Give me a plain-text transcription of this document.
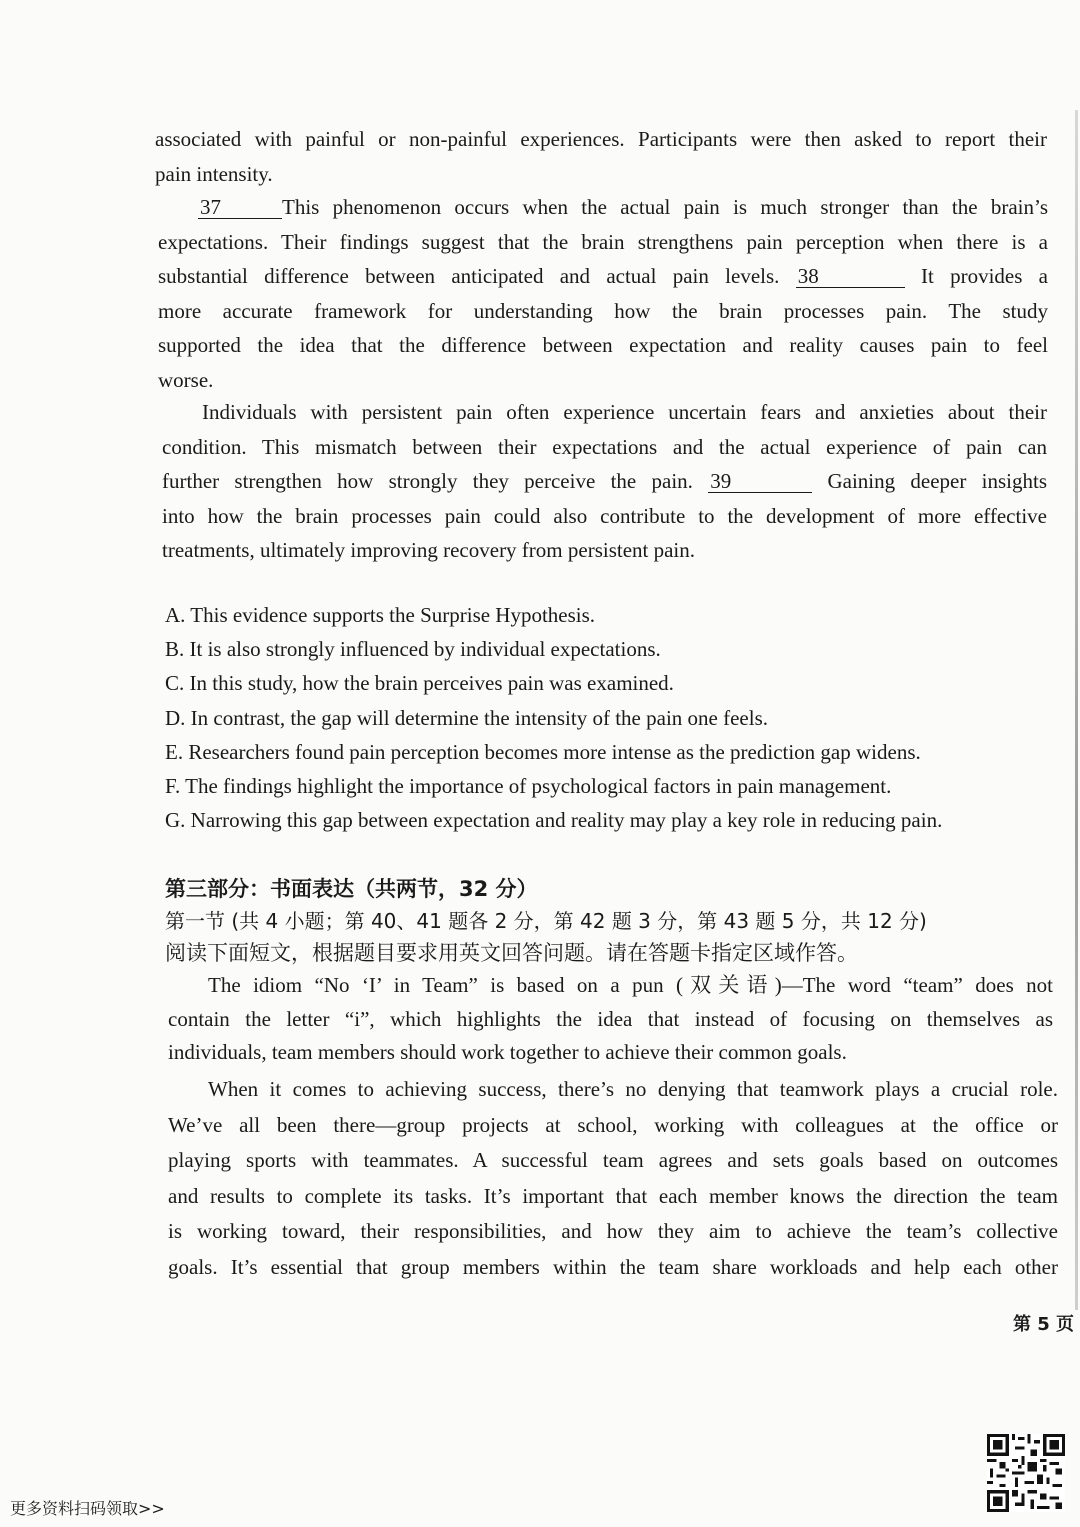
associated with painful or non-painful experiences. Participants were then asked to report their
pain intensity.
37	This phenomenon occurs when the actual pain is much stronger than the brain’s
expectations. Their findings suggest that the brain strengthens pain perception when there is a
substantial difference between anticipated and actual pain levels. 38	It provides a
more accurate framework for understanding how the brain processes pain. The study
supported the idea that the difference between expectation and reality causes pain to feel
worse.
Individuals with persistent pain often experience uncertain fears and anxieties about their
condition. This mismatch between their expectations and the actual experience of pain can
further strengthen how strongly they perceive the pain. 39	Gaining deeper insights
into how the brain processes pain could also contribute to the development of more effective
treatments, ultimately improving recovery from persistent pain.
A. This evidence supports the Surprise Hypothesis.
B. It is also strongly influenced by individual expectations.
C. In this study, how the brain perceives pain was examined.
D. In contrast, the gap will determine the intensity of the pain one feels.
E. Researchers found pain perception becomes more intense as the prediction gap widens.
F. The findings highlight the importance of psychological factors in pain management.
G. Narrowing this gap between expectation and reality may play a key role in reducing pain.
第三部分：书面表达（共两节，32 分）
第一节 (共 4 小题；第 40、41 题各 2 分，第 42 题 3 分，第 43 题 5 分，共 12 分)
阅读下面短文，根据题目要求用英文回答问题。请在答题卡指定区域作答。
The idiom “No ‘I’ in Team” is based on a pun (双关语)—The word “team” does not
contain the letter “i”, which highlights the idea that instead of focusing on themselves as
individuals, team members should work together to achieve their common goals.
When it comes to achieving success, there’s no denying that teamwork plays a crucial role.
We’ve all been there—group projects at school, working with colleagues at the office or
playing sports with teammates. A successful team agrees and sets goals based on outcomes
and results to complete its tasks. It’s important that each member knows the direction the team
is working toward, their responsibilities, and how they aim to achieve the team’s collective
goals. It’s essential that group members within the team share workloads and help each other
第 5 页
更多资料扫码领取>>
